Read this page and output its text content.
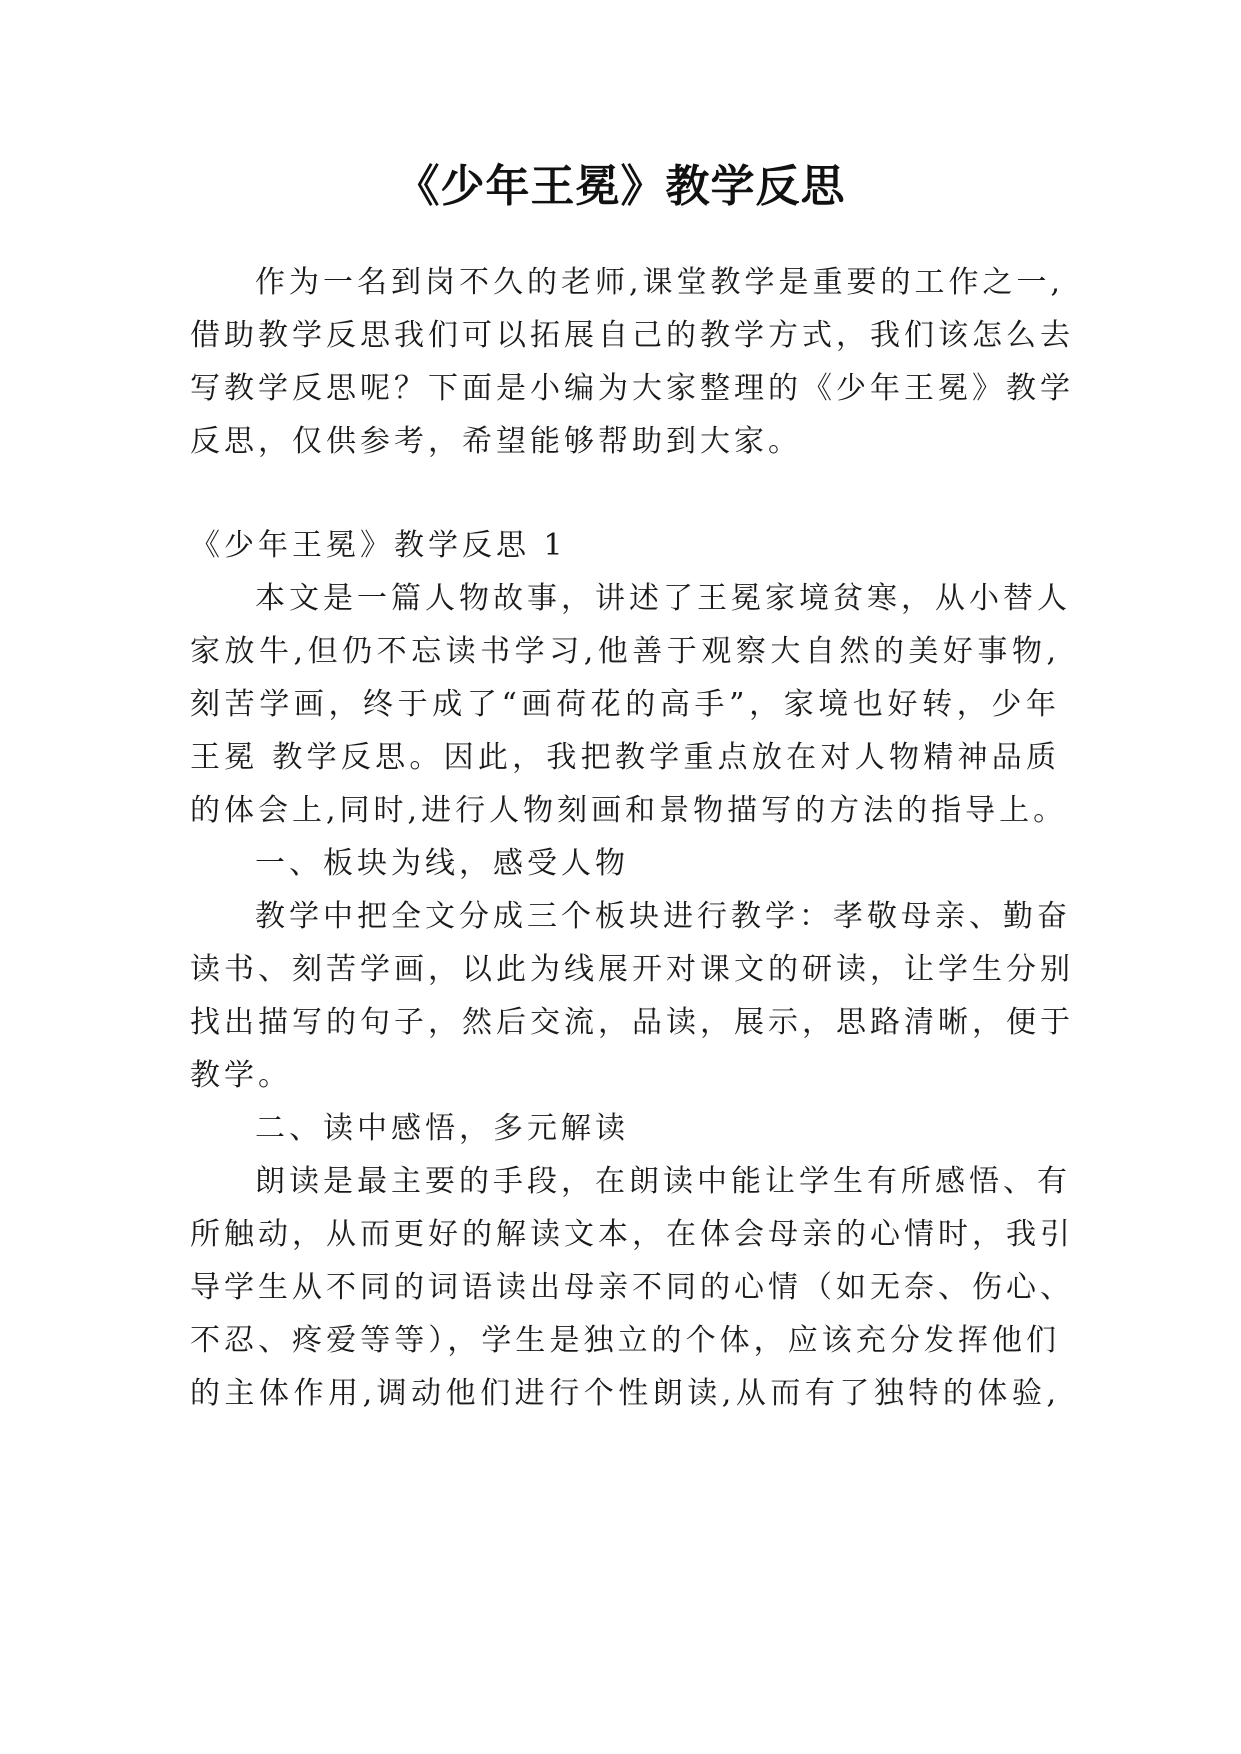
《少年王冕》教学反思
作为一名到岗不久的老师,课堂教学是重要的工作之一,
借助教学反思我们可以拓展自己的教学方式，我们该怎么去
写教学反思呢？下面是小编为大家整理的《少年王冕》教学
反思，仅供参考，希望能够帮助到大家。
《少年王冕》教学反思 1
本文是一篇人物故事，讲述了王冕家境贫寒，从小替人
家放牛,但仍不忘读书学习,他善于观察大自然的美好事物,
刻苦学画，终于成了“画荷花的高手”，家境也好转，少年
王冕 教学反思。因此，我把教学重点放在对人物精神品质
的体会上,同时,进行人物刻画和景物描写的方法的指导上。
一、板块为线，感受人物
教学中把全文分成三个板块进行教学：孝敬母亲、勤奋
读书、刻苦学画，以此为线展开对课文的研读，让学生分别
找出描写的句子，然后交流，品读，展示，思路清晰，便于
教学。
二、读中感悟，多元解读
朗读是最主要的手段，在朗读中能让学生有所感悟、有
所触动，从而更好的解读文本，在体会母亲的心情时，我引
导学生从不同的词语读出母亲不同的心情（如无奈、伤心、
不忍、疼爱等等），学生是独立的个体，应该充分发挥他们
的主体作用,调动他们进行个性朗读,从而有了独特的体验,
